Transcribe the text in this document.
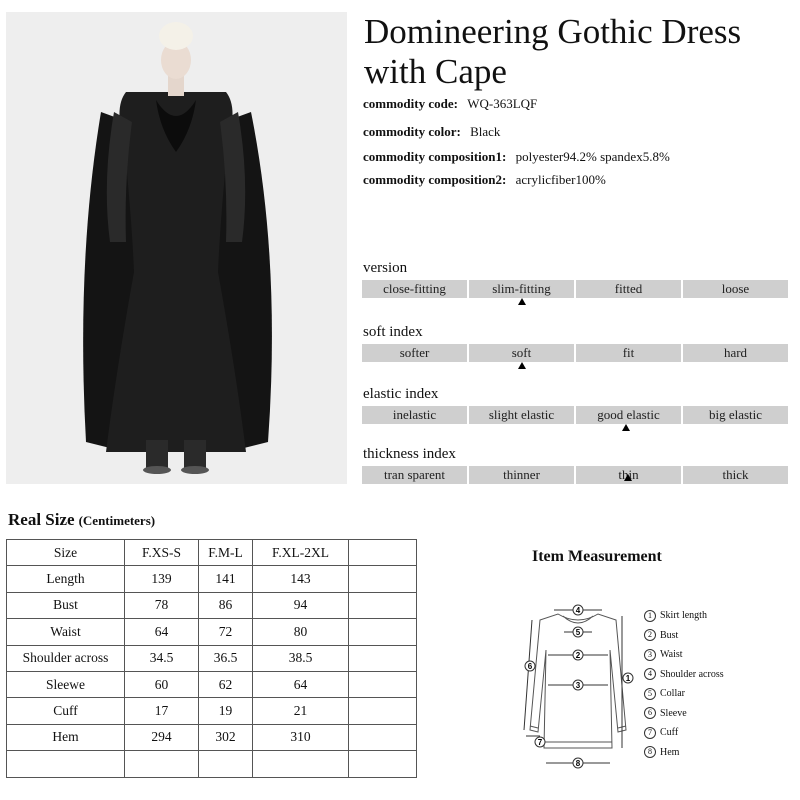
Domineering Gothic Dress with Cape
commodity code: WQ-363LQF
commodity color: Black
commodity composition1: polyester94.2% spandex5.8%
commodity composition2: acrylicfiber100%
version
close-fitting	slim-fitting	fitted	loose
soft index
softer	soft	fit	hard
elastic index
inelastic	slight elastic	good elastic	big elastic
thickness index
tran sparent	thinner	thin	thick
Real Size (Centimeters)
Size	F.XS-S	F.M-L	F.XL-2XL	
Length	139	141	143	
Bust	78	86	94	
Waist	64	72	80	
Shoulder across	34.5	36.5	38.5	
Sleewe	60	62	64	
Cuff	17	19	21	
Hem	294	302	310	

Item Measurement
4
5
2
3
6
1
7
8
1 Skirt length
2 Bust
3 Waist
4 Shoulder across
5 Collar
6 Sleeve
7 Cuff
8 Hem
